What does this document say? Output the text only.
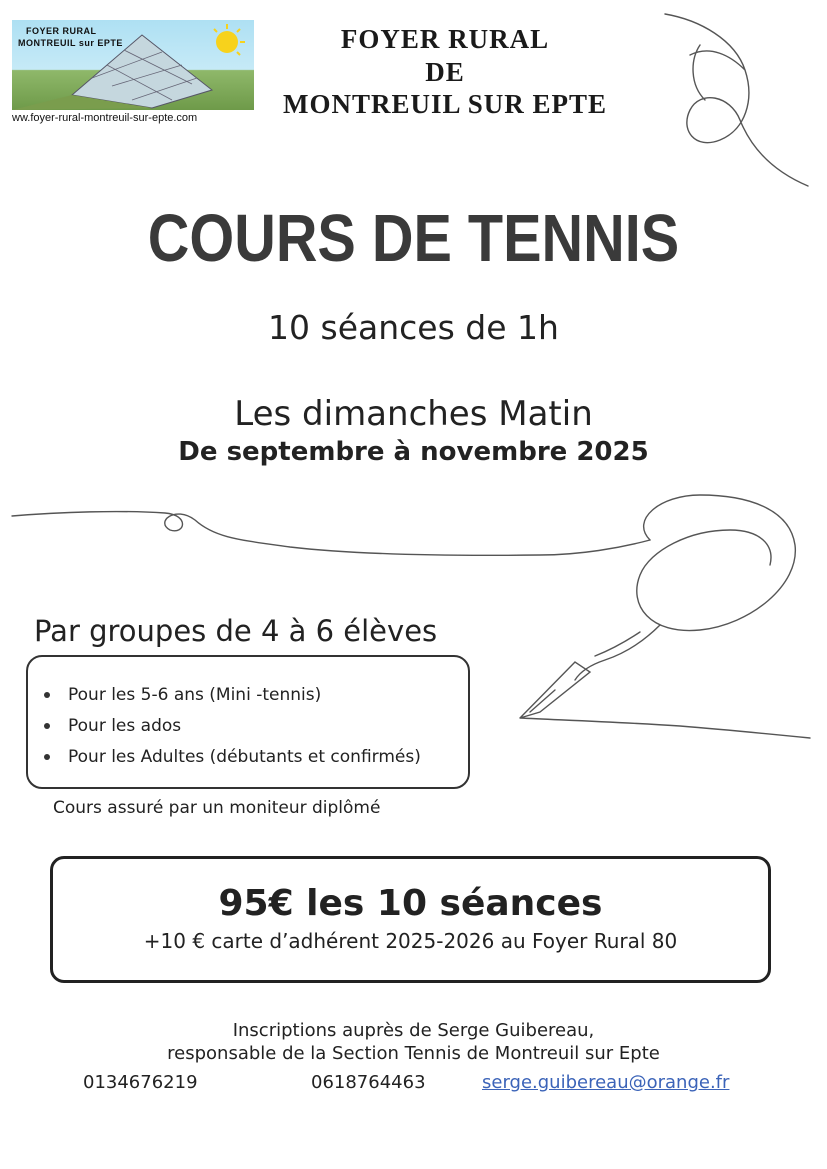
FOYER RURAL
MONTREUIL sur EPTE
ww.foyer-rural-montreuil-sur-epte.com
FOYER RURAL
DE
MONTREUIL SUR EPTE
COURS DE TENNIS
10 séances de 1h
Les dimanches Matin
De septembre à novembre 2025
Par groupes de 4 à 6 élèves
Pour les 5-6 ans (Mini -tennis)
Pour les ados
Pour les Adultes (débutants et confirmés)
Cours assuré par un moniteur diplômé
95€ les 10 séances
+10 € carte d’adhérent 2025-2026 au Foyer Rural 80
Inscriptions auprès de Serge Guibereau,
responsable de la Section Tennis de Montreuil sur Epte
0134676219	0618764463	serge.guibereau@orange.fr
